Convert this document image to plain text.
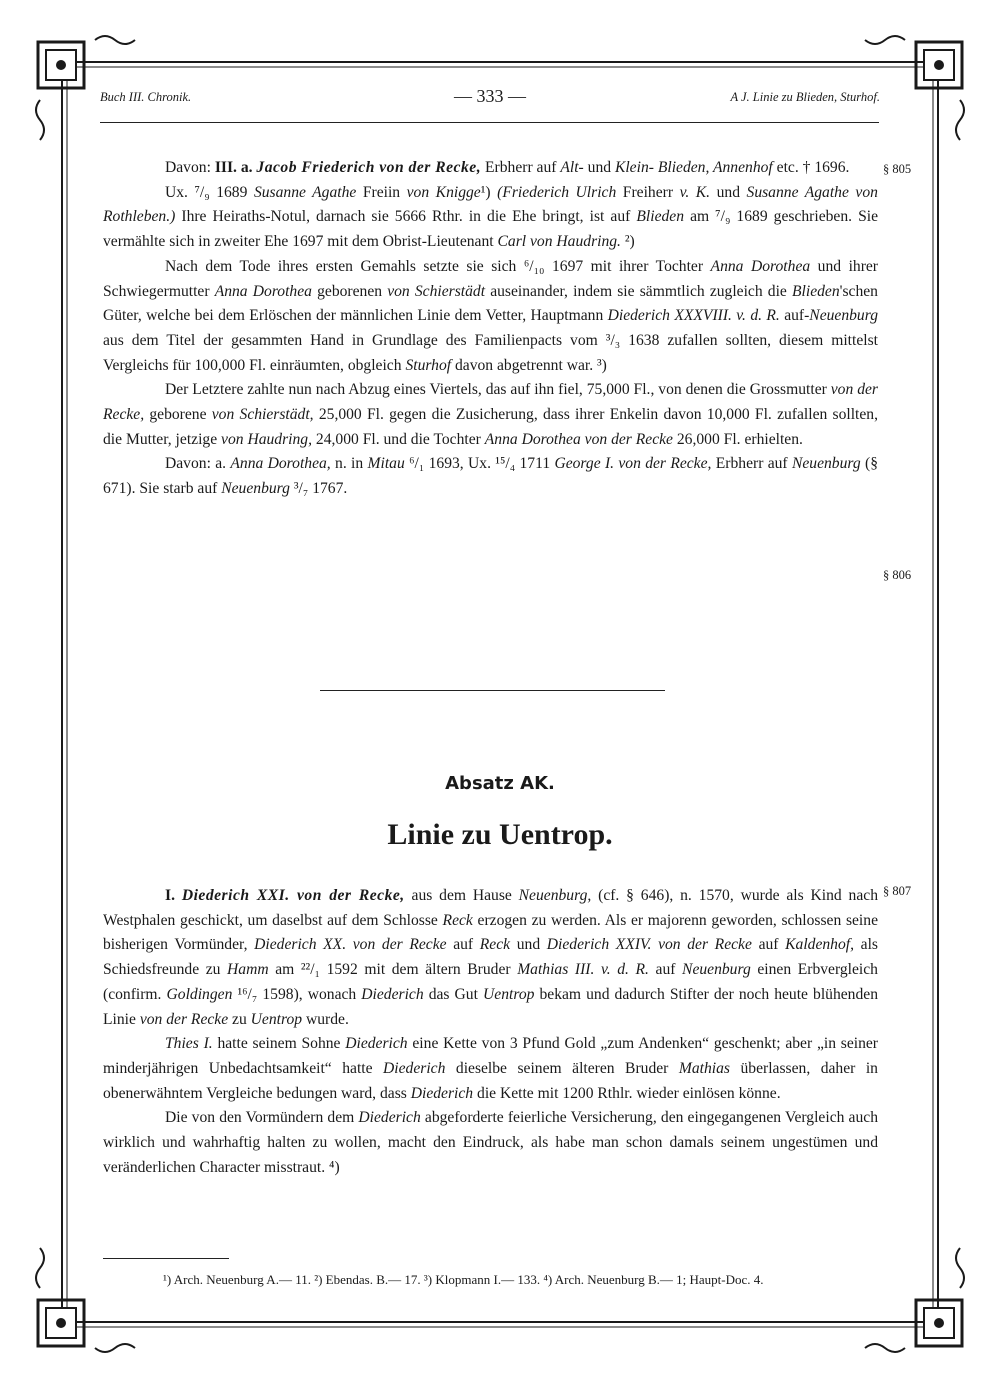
Buch III. Chronik.	— 333 —	A J. Linie zu Blieden, Sturhof.
§ 805
§ 806
§ 807

Davon: III. a. Jacob Friederich von der Recke, Erbherr auf Alt- und Klein- Blieden, Annenhof etc. † 1696.

Ux. ⁷/₉ 1689 Susanne Agathe Freiin von Knigge¹) (Friederich Ulrich Freiherr v. K. und Susanne Agathe von Rothleben.) Ihre Heiraths-Notul, darnach sie 5666 Rthr. in die Ehe bringt, ist auf Blieden am ⁷/₉ 1689 geschrieben. Sie vermählte sich in zweiter Ehe 1697 mit dem Obrist-Lieutenant Carl von Haudring. ²)

Nach dem Tode ihres ersten Gemahls setzte sie sich ⁶/₁₀ 1697 mit ihrer Tochter Anna Dorothea und ihrer Schwiegermutter Anna Dorothea geborenen von Schierstädt auseinander, indem sie sämmtlich zugleich die Blieden'schen Güter, welche bei dem Erlöschen der männlichen Linie dem Vetter, Hauptmann Diederich XXXVIII. v. d. R. auf-Neuenburg aus dem Titel der gesammten Hand in Grundlage des Familienpacts vom ³/₃ 1638 zufallen sollten, diesem mittelst Vergleichs für 100,000 Fl. einräumten, obgleich Sturhof davon abgetrennt war. ³)

Der Letztere zahlte nun nach Abzug eines Viertels, das auf ihn fiel, 75,000 Fl., von denen die Grossmutter von der Recke, geborene von Schierstädt, 25,000 Fl. gegen die Zusicherung, dass ihrer Enkelin davon 10,000 Fl. zufallen sollten, die Mutter, jetzige von Haudring, 24,000 Fl. und die Tochter Anna Dorothea von der Recke 26,000 Fl. erhielten.

Davon: a. Anna Dorothea, n. in Mitau ⁶/₁ 1693, Ux. ¹⁵/₄ 1711 George I. von der Recke, Erbherr auf Neuenburg (§ 671). Sie starb auf Neuenburg ³/₇ 1767.

Absatz AK.
Linie zu Uentrop.

I. Diederich XXI. von der Recke, aus dem Hause Neuenburg, (cf. § 646), n. 1570, wurde als Kind nach Westphalen geschickt, um daselbst auf dem Schlosse Reck erzogen zu werden. Als er majorenn geworden, schlossen seine bisherigen Vormünder, Diederich XX. von der Recke auf Reck und Diederich XXIV. von der Recke auf Kaldenhof, als Schiedsfreunde zu Hamm am ²²/₁ 1592 mit dem ältern Bruder Mathias III. v. d. R. auf Neuenburg einen Erbvergleich (confirm. Goldingen ¹⁶/₇ 1598), wonach Diederich das Gut Uentrop bekam und dadurch Stifter der noch heute blühenden Linie von der Recke zu Uentrop wurde.

Thies I. hatte seinem Sohne Diederich eine Kette von 3 Pfund Gold „zum Andenken“ geschenkt; aber „in seiner minderjährigen Unbedachtsamkeit“ hatte Diederich dieselbe seinem älteren Bruder Mathias überlassen, daher in obenerwähntem Vergleiche bedungen ward, dass Diederich die Kette mit 1200 Rthlr. wieder einlösen könne.

Die von den Vormündern dem Diederich abgeforderte feierliche Versicherung, den eingegangenen Vergleich auch wirklich und wahrhaftig halten zu wollen, macht den Eindruck, als habe man schon damals seinem ungestümen und veränderlichen Character misstraut. ⁴)

¹) Arch. Neuenburg A.— 11. ²) Ebendas. B.— 17. ³) Klopmann I.— 133. ⁴) Arch. Neuenburg B.— 1; Haupt-Doc. 4.
